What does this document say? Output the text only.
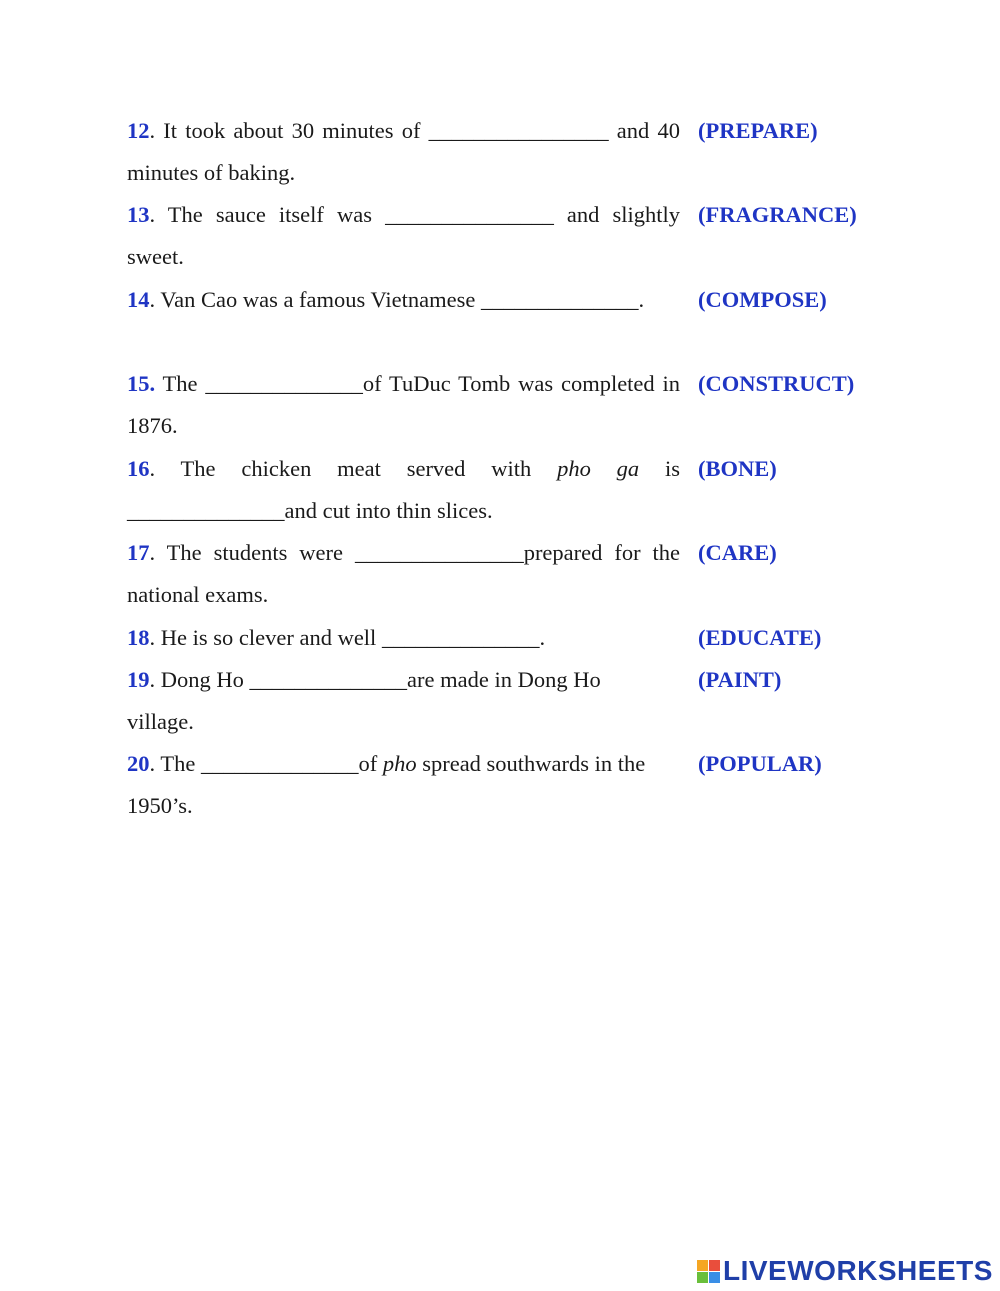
12. It took about 30 minutes of ________________ and 40 minutes of baking.
(PREPARE)
13. The sauce itself was _______________ and slightly sweet.
(FRAGRANCE)
14. Van Cao was a famous Vietnamese ______________.	(COMPOSE)
15. The ______________of TuDuc Tomb was completed in 1876.
(CONSTRUCT)
16. The chicken meat served with pho ga is ______________and cut into thin slices.
(BONE)
17. The students were _______________prepared for the national exams.
(CARE)
18. He is so clever and well ______________.	(EDUCATE)
19. Dong Ho ______________are made in Dong Ho village.
(PAINT)
20. The ______________of pho spread southwards in the 1950’s.
(POPULAR)
LIVEWORKSHEETS
